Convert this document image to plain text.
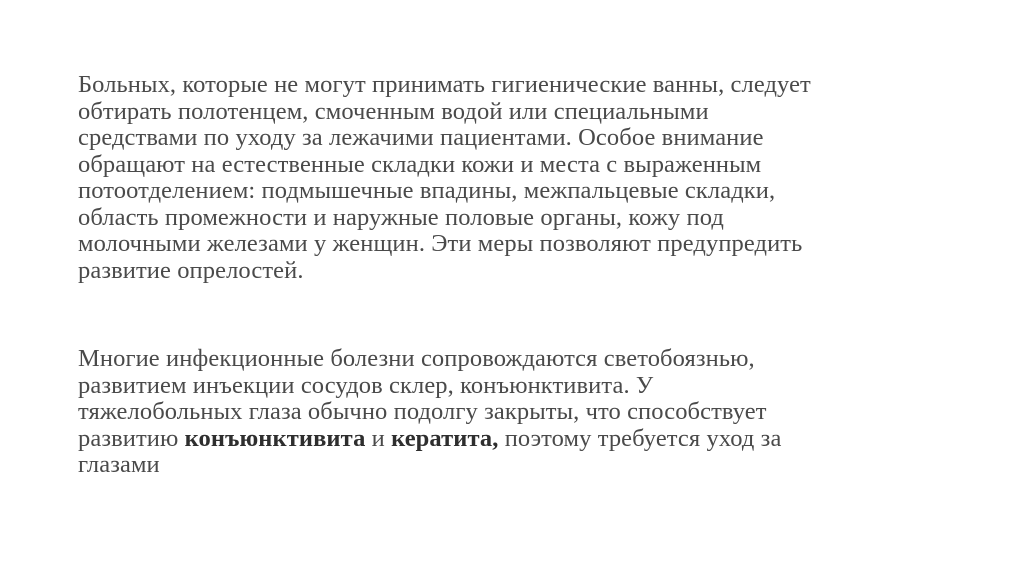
Больных, которые не могут принимать гигиенические ванны, следует
обтирать полотенцем, смоченным водой или специальными
средствами по уходу за лежачими пациентами. Особое внимание
обращают на естественные складки кожи и места с выраженным
потоотделением: подмышечные впадины, межпальцевые складки,
область промежности и наружные половые органы, кожу под
молочными железами у женщин. Эти меры позволяют предупредить
развитие опрелостей.
Многие инфекционные болезни сопровождаются светобоязнью,
развитием инъекции сосудов склер, конъюнктивита. У
тяжелобольных глаза обычно подолгу закрыты, что способствует
развитию конъюнктивита и кератита, поэтому требуется уход за
глазами
